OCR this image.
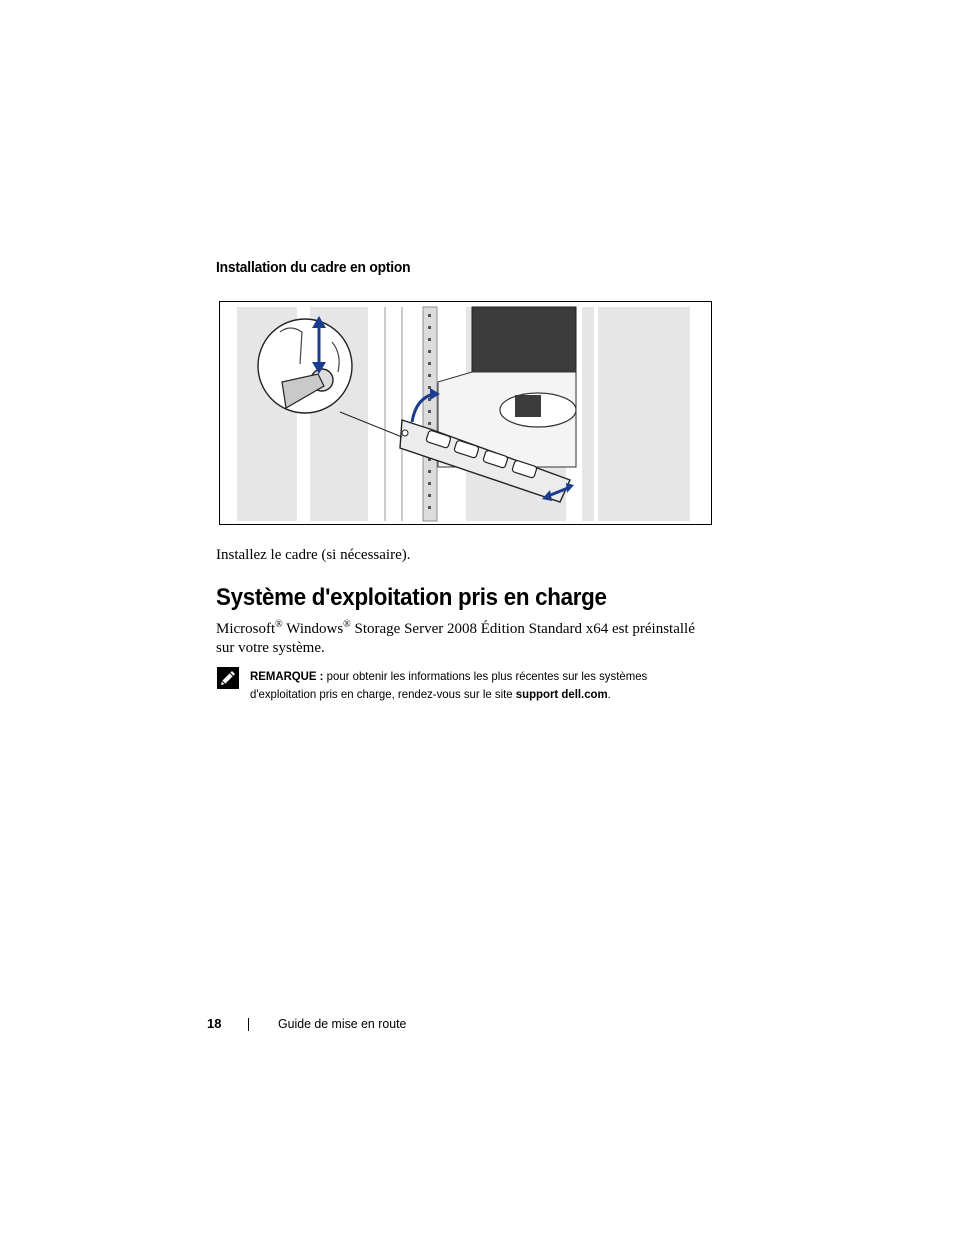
Installation du cadre en option
Installez le cadre (si nécessaire).
Système d'exploitation pris en charge
Microsoft® Windows® Storage Server 2008 Édition Standard x64 est préinstallé sur votre système.
REMARQUE : pour obtenir les informations les plus récentes sur les systèmes d'exploitation pris en charge, rendez-vous sur le site support dell.com.
18	Guide de mise en route
